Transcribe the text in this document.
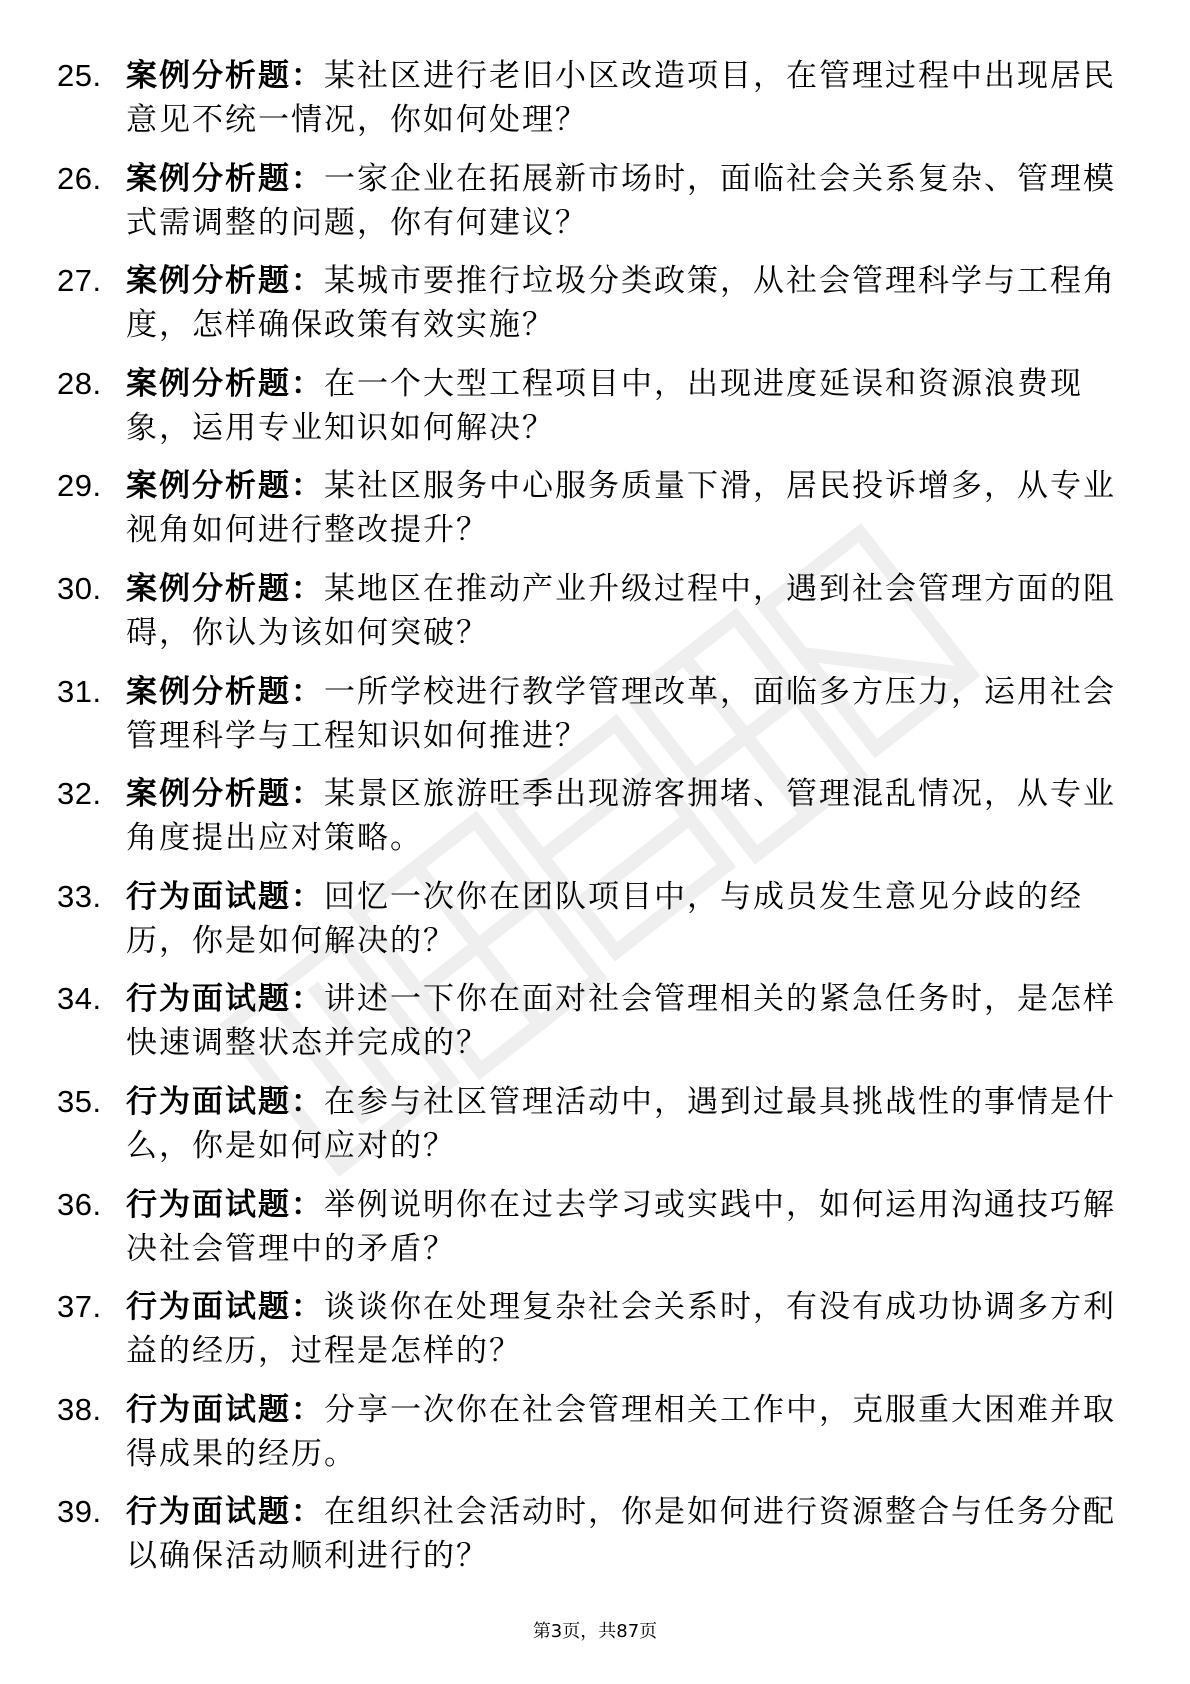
25. 案例分析题：某社区进行老旧小区改造项目，在管理过程中出现居民意见不统一情况，你如何处理？
26. 案例分析题：一家企业在拓展新市场时，面临社会关系复杂、管理模式需调整的问题，你有何建议？
27. 案例分析题：某城市要推行垃圾分类政策，从社会管理科学与工程角度，怎样确保政策有效实施？
28. 案例分析题：在一个大型工程项目中，出现进度延误和资源浪费现象，运用专业知识如何解决？
29. 案例分析题：某社区服务中心服务质量下滑，居民投诉增多，从专业视角如何进行整改提升？
30. 案例分析题：某地区在推动产业升级过程中，遇到社会管理方面的阻碍，你认为该如何突破？
31. 案例分析题：一所学校进行教学管理改革，面临多方压力，运用社会管理科学与工程知识如何推进？
32. 案例分析题：某景区旅游旺季出现游客拥堵、管理混乱情况，从专业角度提出应对策略。
33. 行为面试题：回忆一次你在团队项目中，与成员发生意见分歧的经历，你是如何解决的？
34. 行为面试题：讲述一下你在面对社会管理相关的紧急任务时，是怎样快速调整状态并完成的？
35. 行为面试题：在参与社区管理活动中，遇到过最具挑战性的事情是什么，你是如何应对的？
36. 行为面试题：举例说明你在过去学习或实践中，如何运用沟通技巧解决社会管理中的矛盾？
37. 行为面试题：谈谈你在处理复杂社会关系时，有没有成功协调多方利益的经历，过程是怎样的？
38. 行为面试题：分享一次你在社会管理相关工作中，克服重大困难并取得成果的经历。
39. 行为面试题：在组织社会活动时，你是如何进行资源整合与任务分配以确保活动顺利进行的？
第3页，共87页
